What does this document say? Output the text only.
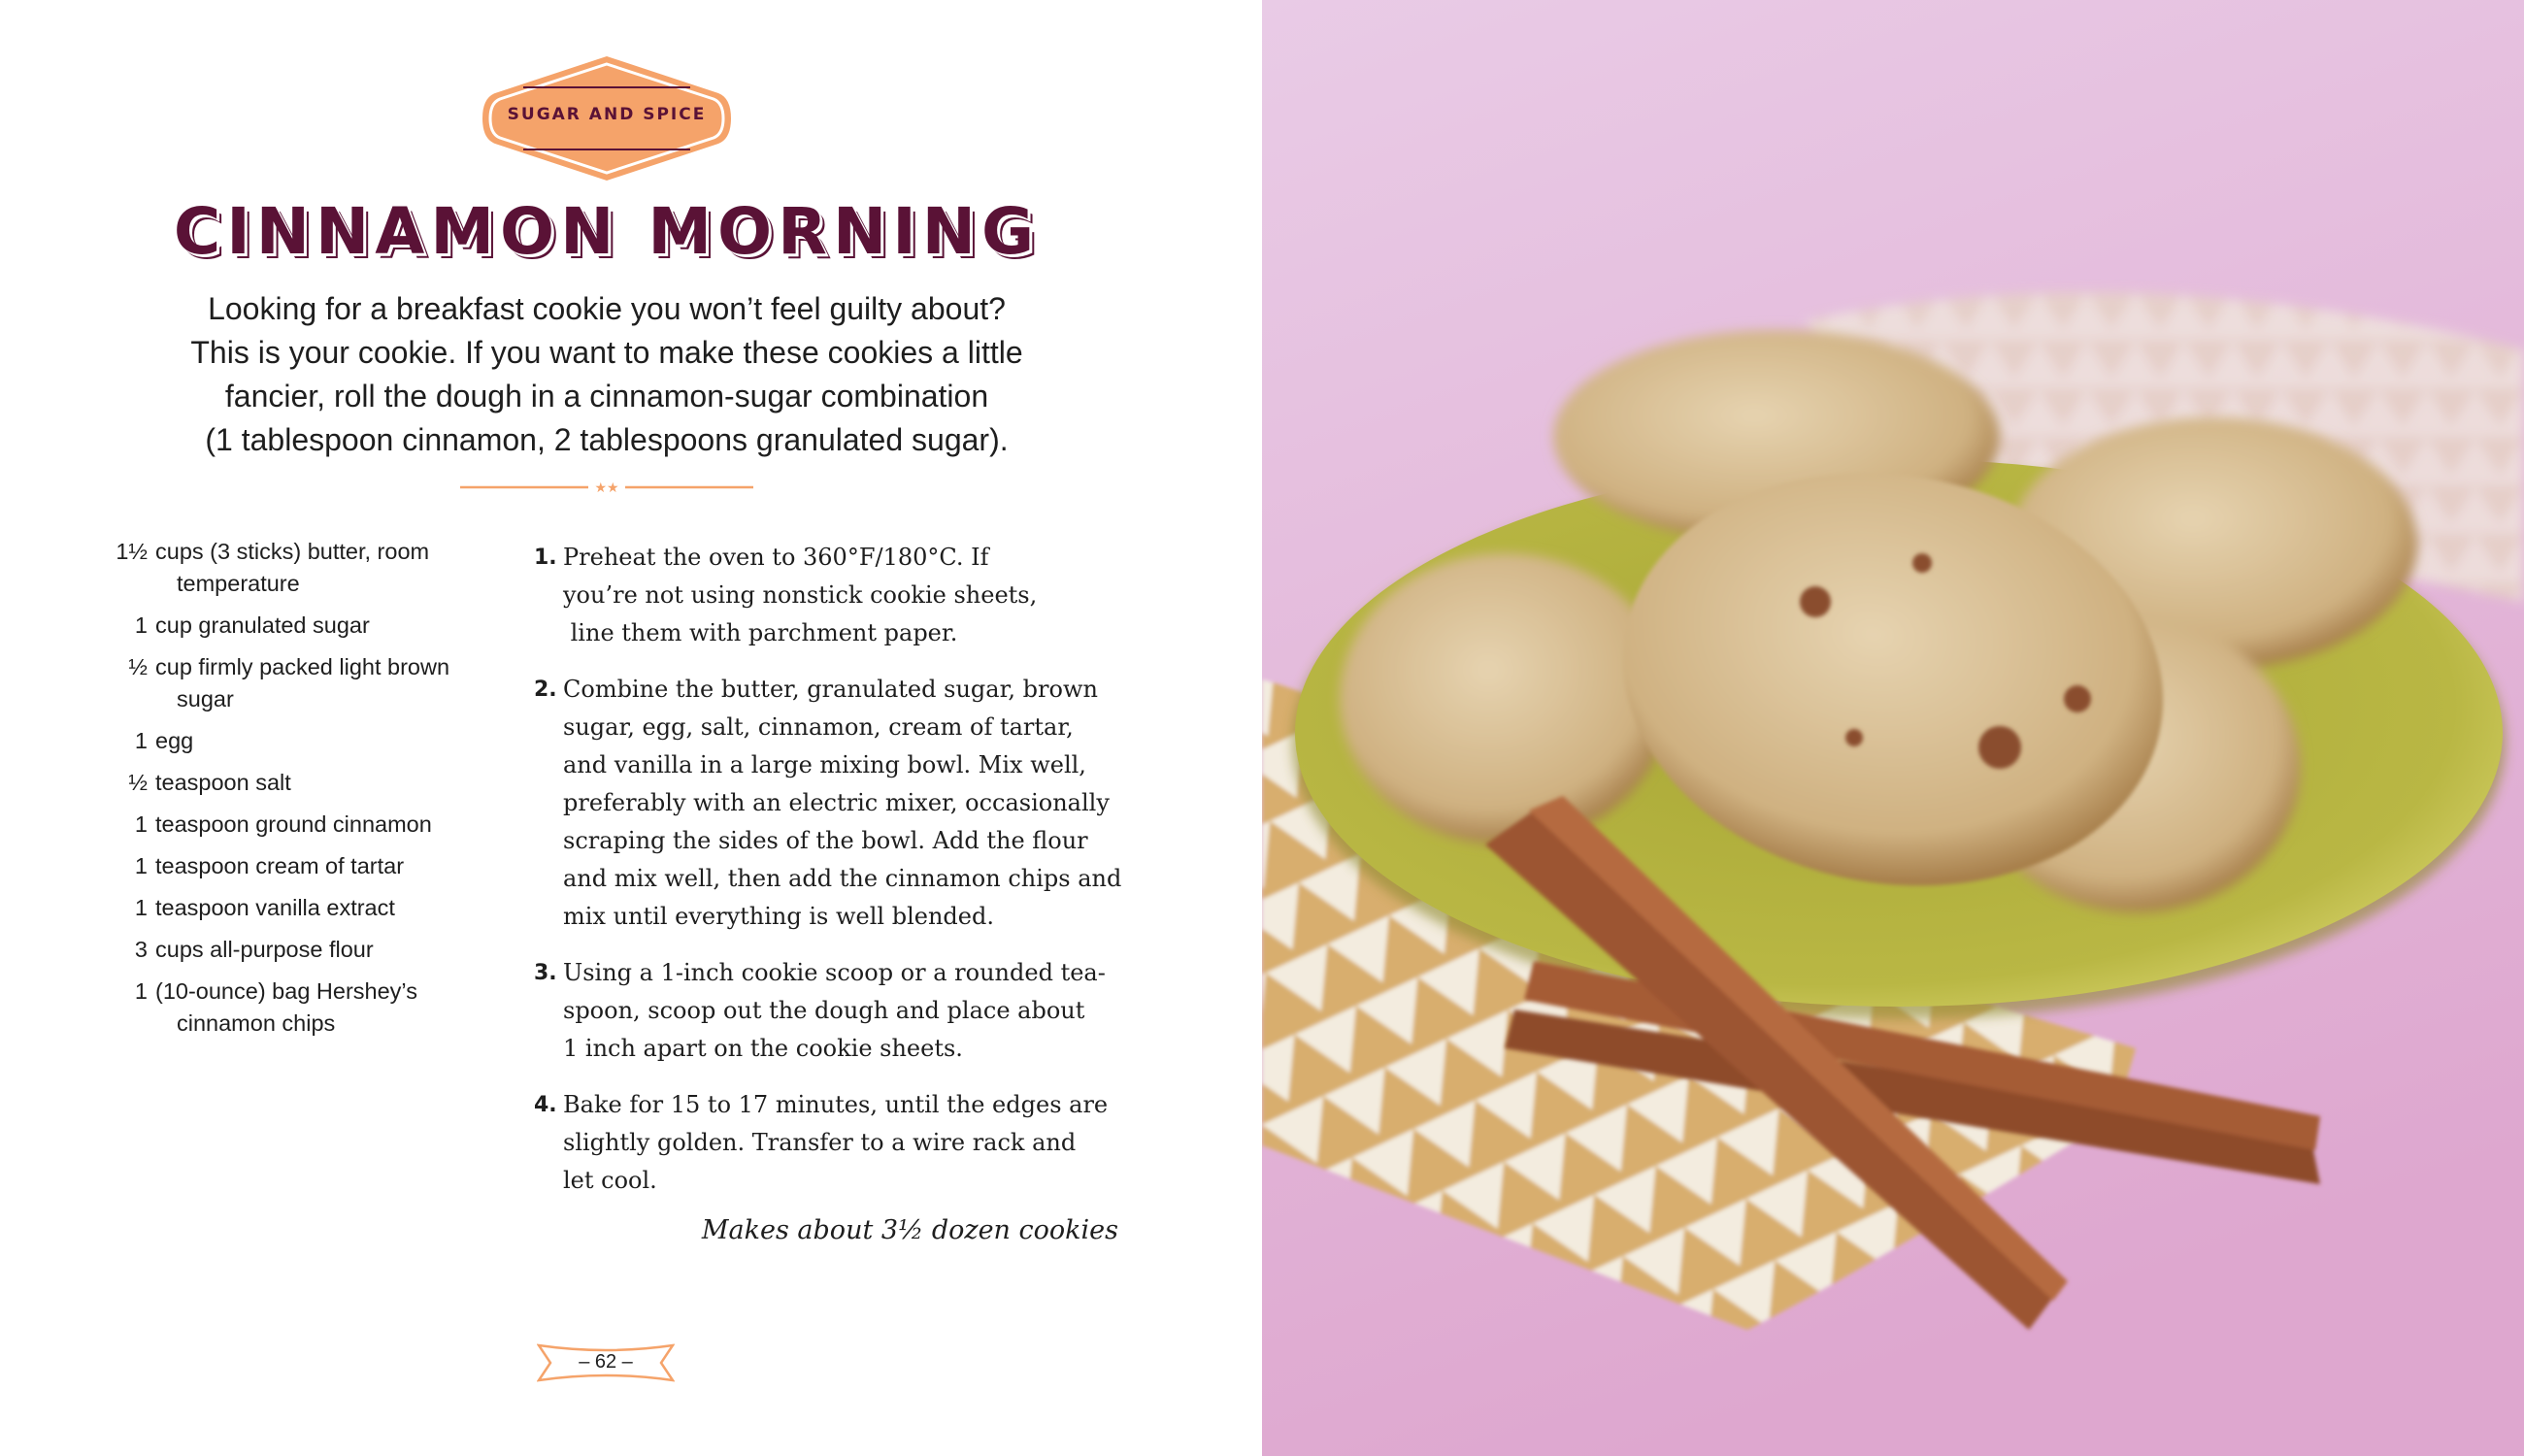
SUGAR AND SPICE
CINNAMON MORNING
Looking for a breakfast cookie you won’t feel guilty about?
This is your cookie. If you want to make these cookies a little
fancier, roll the dough in a cinnamon-sugar combination
(1 tablespoon cinnamon, 2 tablespoons granulated sugar).
★★
1½ cups (3 sticks) butter, room
temperature
1 cup granulated sugar
½ cup firmly packed light brown
sugar
1 egg
½ teaspoon salt
1 teaspoon ground cinnamon
1 teaspoon cream of tartar
1 teaspoon vanilla extract
3 cups all-purpose flour
1 (10-ounce) bag Hershey’s
cinnamon chips
1. Preheat the oven to 360°F/180°C. If
you’re not using nonstick cookie sheets,
line them with parchment paper.
2. Combine the butter, granulated sugar, brown
sugar, egg, salt, cinnamon, cream of tartar,
and vanilla in a large mixing bowl. Mix well,
preferably with an electric mixer, occasionally
scraping the sides of the bowl. Add the flour
and mix well, then add the cinnamon chips and
mix until everything is well blended.
3. Using a 1-inch cookie scoop or a rounded tea-
spoon, scoop out the dough and place about
1 inch apart on the cookie sheets.
4. Bake for 15 to 17 minutes, until the edges are
slightly golden. Transfer to a wire rack and
let cool.
Makes about 3½ dozen cookies
– 62 –
